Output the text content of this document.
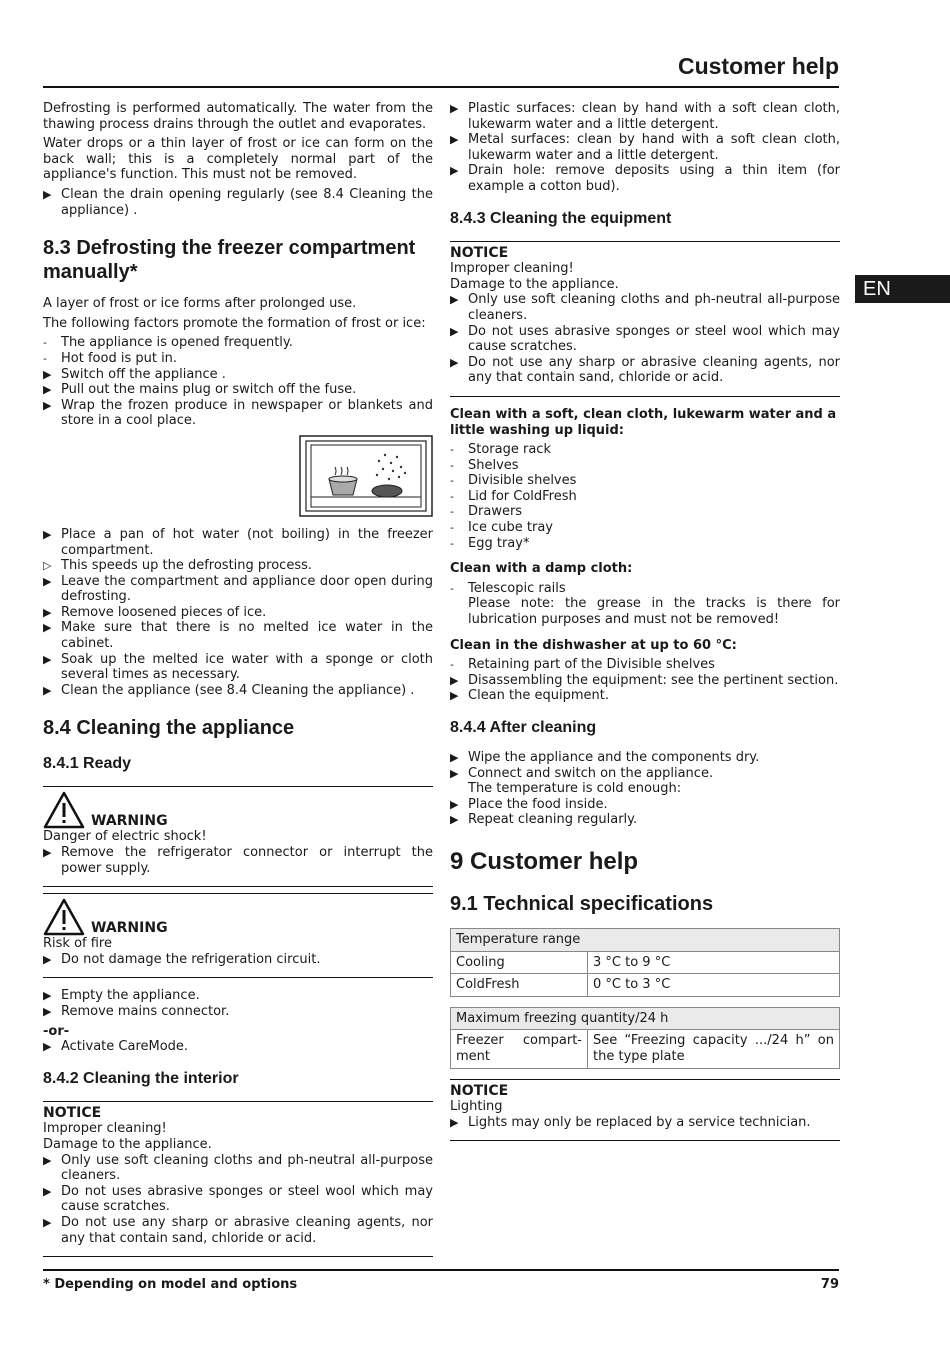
Customer help
EN

Defrosting is performed automatically. The water from the thawing process drains through the outlet and evaporates.

Water drops or a thin layer of frost or ice can form on the back wall; this is a completely normal part of the appliance's function. This must not be removed.

▶ Clean the drain opening regularly (see 8.4 Cleaning the appliance) .
8.3 Defrosting the freezer compartment manually*

A layer of frost or ice forms after prolonged use.

The following factors promote the formation of frost or ice:

-	The appliance is opened frequently.
-	Hot food is put in.
▶ Switch off the appliance .
▶ Pull out the mains plug or switch off the fuse.
▶ Wrap the frozen produce in newspaper or blankets and store in a cool place.
▶ Place a pan of hot water (not boiling) in the freezer compartment.
▷ This speeds up the defrosting process.
▶ Leave the compartment and appliance door open during defrosting.
▶ Remove loosened pieces of ice.
▶ Make sure that there is no melted ice water in the cabinet.
▶ Soak up the melted ice water with a sponge or cloth several times as necessary.
▶ Clean the appliance (see 8.4 Cleaning the appliance) .
8.4 Cleaning the appliance
8.4.1 Ready
WARNING
Danger of electric shock!
▶ Remove the refrigerator connector or interrupt the power supply.
WARNING
Risk of fire
▶ Do not damage the refrigeration circuit.
▶ Empty the appliance.
▶ Remove mains connector.
-or-
▶ Activate CareMode.
8.4.2 Cleaning the interior
NOTICE
Improper cleaning!
Damage to the appliance.
▶ Only use soft cleaning cloths and ph-neutral all-purpose cleaners.
▶ Do not uses abrasive sponges or steel wool which may cause scratches.
▶ Do not use any sharp or abrasive cleaning agents, nor any that contain sand, chloride or acid.
▶ Plastic surfaces: clean by hand with a soft clean cloth, lukewarm water and a little detergent.
▶ Metal surfaces: clean by hand with a soft clean cloth, lukewarm water and a little detergent.
▶ Drain hole: remove deposits using a thin item (for example a cotton bud).
8.4.3 Cleaning the equipment
NOTICE
Improper cleaning!
Damage to the appliance.
▶ Only use soft cleaning cloths and ph-neutral all-purpose cleaners.
▶ Do not uses abrasive sponges or steel wool which may cause scratches.
▶ Do not use any sharp or abrasive cleaning agents, nor any that contain sand, chloride or acid.
Clean with a soft, clean cloth, lukewarm water and a little washing up liquid:
-	Storage rack
-	Shelves
-	Divisible shelves
-	Lid for ColdFresh
-	Drawers
-	Ice cube tray
-	Egg tray*
Clean with a damp cloth:
-	Telescopic rails
Please note: the grease in the tracks is there for lubrication purposes and must not be removed!
Clean in the dishwasher at up to 60 °C:
-	Retaining part of the Divisible shelves
▶ Disassembling the equipment: see the pertinent section.
▶ Clean the equipment.
8.4.4 After cleaning
▶ Wipe the appliance and the components dry.
▶ Connect and switch on the appliance.
The temperature is cold enough:
▶ Place the food inside.
▶ Repeat cleaning regularly.
9 Customer help
9.1 Technical specifications
Temperature range	
Cooling	3 °C to 9 °C
ColdFresh	0 °C to 3 °C
Maximum freezing quantity/24 h
Freezer compartment	See “Freezing capacity .../24 h” on the type plate
NOTICE
Lighting
▶ Lights may only be replaced by a service technician.
* Depending on model and options	79
